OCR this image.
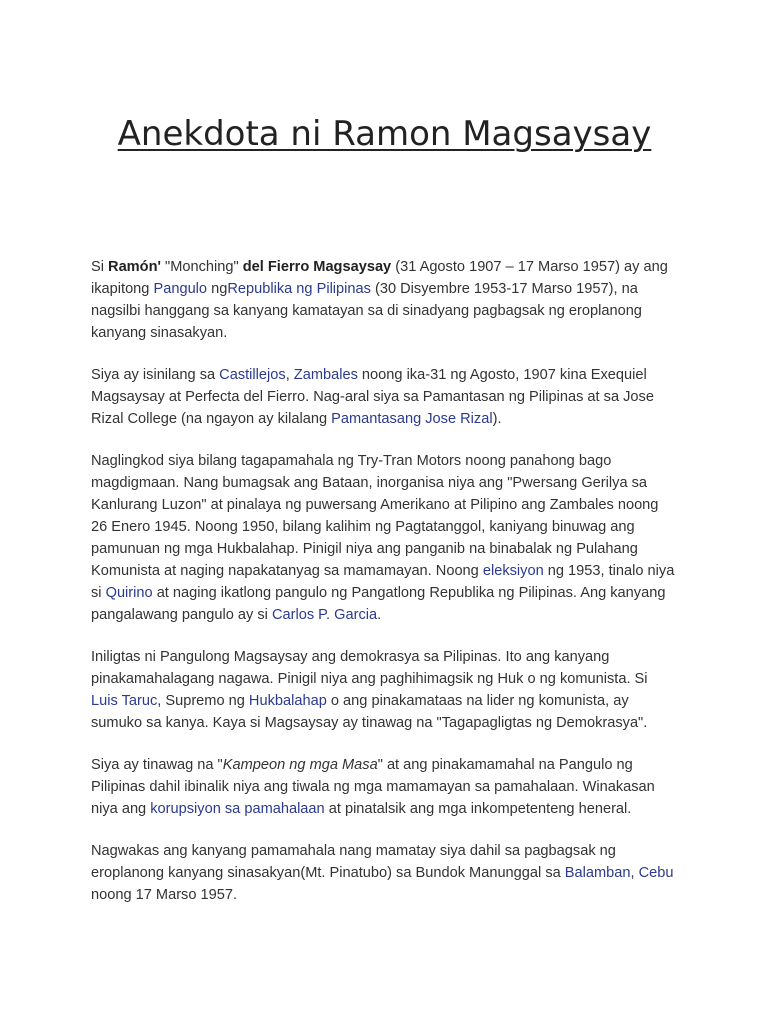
Anekdota ni Ramon Magsaysay

Si Ramón' "Monching" del Fierro Magsaysay (31 Agosto 1907 – 17 Marso 1957) ay ang ikapitong Pangulo ngRepublika ng Pilipinas (30 Disyembre 1953-17 Marso 1957), na nagsilbi hanggang sa kanyang kamatayan sa di sinadyang pagbagsak ng eroplanong kanyang sinasakyan.

Siya ay isinilang sa Castillejos, Zambales noong ika-31 ng Agosto, 1907 kina Exequiel Magsaysay at Perfecta del Fierro. Nag-aral siya sa Pamantasan ng Pilipinas at sa Jose Rizal College (na ngayon ay kilalang Pamantasang Jose Rizal).

Naglingkod siya bilang tagapamahala ng Try-Tran Motors noong panahong bago magdigmaan. Nang bumagsak ang Bataan, inorganisa niya ang "Pwersang Gerilya sa Kanlurang Luzon" at pinalaya ng puwersang Amerikano at Pilipino ang Zambales noong 26 Enero 1945. Noong 1950, bilang kalihim ng Pagtatanggol, kaniyang binuwag ang pamunuan ng mga Hukbalahap. Pinigil niya ang panganib na binabalak ng Pulahang Komunista at naging napakatanyag sa mamamayan. Noong eleksiyon ng 1953, tinalo niya si Quirino at naging ikatlong pangulo ng Pangatlong Republika ng Pilipinas. Ang kanyang pangalawang pangulo ay si Carlos P. Garcia.

Iniligtas ni Pangulong Magsaysay ang demokrasya sa Pilipinas. Ito ang kanyang pinakamahalagang nagawa. Pinigil niya ang paghihimagsik ng Huk o ng komunista. Si Luis Taruc, Supremo ng Hukbalahap o ang pinakamataas na lider ng komunista, ay sumuko sa kanya. Kaya si Magsaysay ay tinawag na "Tagapagligtas ng Demokrasya".

Siya ay tinawag na "Kampeon ng mga Masa" at ang pinakamamahal na Pangulo ng Pilipinas dahil ibinalik niya ang tiwala ng mga mamamayan sa pamahalaan. Winakasan niya ang korupsiyon sa pamahalaan at pinatalsik ang mga inkompetenteng heneral.

Nagwakas ang kanyang pamamahala nang mamatay siya dahil sa pagbagsak ng eroplanong kanyang sinasakyan(Mt. Pinatubo) sa Bundok Manunggal sa Balamban, Cebu noong 17 Marso 1957.
